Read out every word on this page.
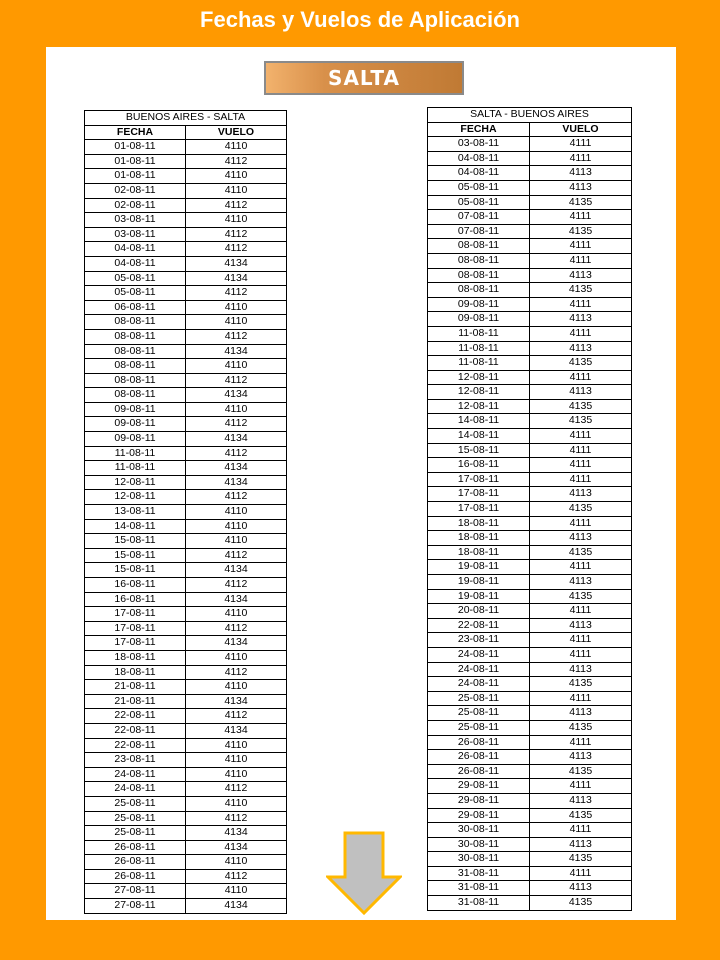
Fechas y Vuelos de Aplicación
SALTA
BUENOS AIRES - SALTA	
FECHA	VUELO
01-08-11	4110
01-08-11	4112
01-08-11	4110
02-08-11	4110
02-08-11	4112
03-08-11	4110
03-08-11	4112
04-08-11	4112
04-08-11	4134
05-08-11	4134
05-08-11	4112
06-08-11	4110
08-08-11	4110
08-08-11	4112
08-08-11	4134
08-08-11	4110
08-08-11	4112
08-08-11	4134
09-08-11	4110
09-08-11	4112
09-08-11	4134
11-08-11	4112
11-08-11	4134
12-08-11	4134
12-08-11	4112
13-08-11	4110
14-08-11	4110
15-08-11	4110
15-08-11	4112
15-08-11	4134
16-08-11	4112
16-08-11	4134
17-08-11	4110
17-08-11	4112
17-08-11	4134
18-08-11	4110
18-08-11	4112
21-08-11	4110
21-08-11	4134
22-08-11	4112
22-08-11	4134
22-08-11	4110
23-08-11	4110
24-08-11	4110
24-08-11	4112
25-08-11	4110
25-08-11	4112
25-08-11	4134
26-08-11	4134
26-08-11	4110
26-08-11	4112
27-08-11	4110
27-08-11	4134
SALTA - BUENOS AIRES	
FECHA	VUELO
03-08-11	4111
04-08-11	4111
04-08-11	4113
05-08-11	4113
05-08-11	4135
07-08-11	4111
07-08-11	4135
08-08-11	4111
08-08-11	4111
08-08-11	4113
08-08-11	4135
09-08-11	4111
09-08-11	4113
11-08-11	4111
11-08-11	4113
11-08-11	4135
12-08-11	4111
12-08-11	4113
12-08-11	4135
14-08-11	4135
14-08-11	4111
15-08-11	4111
16-08-11	4111
17-08-11	4111
17-08-11	4113
17-08-11	4135
18-08-11	4111
18-08-11	4113
18-08-11	4135
19-08-11	4111
19-08-11	4113
19-08-11	4135
20-08-11	4111
22-08-11	4113
23-08-11	4111
24-08-11	4111
24-08-11	4113
24-08-11	4135
25-08-11	4111
25-08-11	4113
25-08-11	4135
26-08-11	4111
26-08-11	4113
26-08-11	4135
29-08-11	4111
29-08-11	4113
29-08-11	4135
30-08-11	4111
30-08-11	4113
30-08-11	4135
31-08-11	4111
31-08-11	4113
31-08-11	4135
